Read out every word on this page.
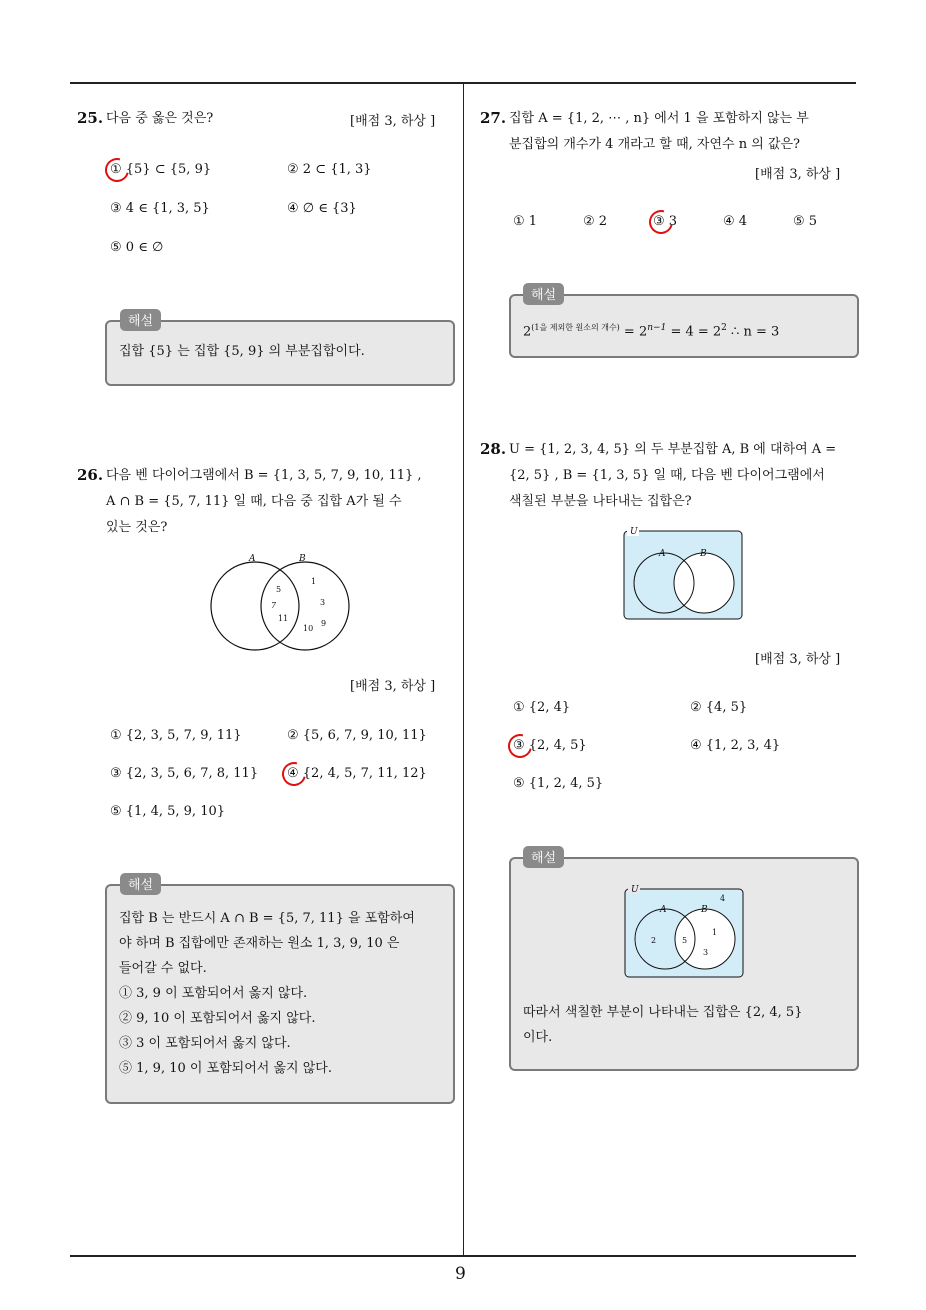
9
25. 다음 중 옳은 것은?	[배점 3, 하상 ]
① {5} ⊂ {5, 9}	② 2 ⊂ {1, 3}
③ 4 ∈ {1, 3, 5}	④ ∅ ∈ {3}
⑤ 0 ∈ ∅
집합 {5} 는 집합 {5, 9} 의 부분집합이다.
해설
26. 다음 벤 다이어그램에서 B = {1, 3, 5, 7, 9, 10, 11} ,
A ∩ B = {5, 7, 11} 일 때, 다음 중 집합 A가 될 수
있는 것은?
A	B
5
7
11
1
3
10
9
[배점 3, 하상 ]
① {2, 3, 5, 7, 9, 11}	② {5, 6, 7, 9, 10, 11}
③ {2, 3, 5, 6, 7, 8, 11} ④ {2, 4, 5, 7, 11, 12}
⑤ {1, 4, 5, 9, 10}
집합 B 는 반드시 A ∩ B = {5, 7, 11} 을 포함하여
야 하며 B 집합에만 존재하는 원소 1, 3, 9, 10 은
들어갈 수 없다.
① 3, 9 이 포함되어서 옳지 않다.
② 9, 10 이 포함되어서 옳지 않다.
③ 3 이 포함되어서 옳지 않다.
⑤ 1, 9, 10 이 포함되어서 옳지 않다.
해설
27. 집합 A = {1, 2, ⋯ , n} 에서 1 을 포함하지 않는 부
분집합의 개수가 4 개라고 할 때, 자연수 n 의 값은?
[배점 3, 하상 ]
① 1	② 2	③ 3	④ 4	⑤ 5
$2^{(1을 제외한 원소의 개수)} = 2^{n-1} = 4 = 2^2$ ∴ n = 3
해설
28. U = {1, 2, 3, 4, 5} 의 두 부분집합 A, B 에 대하여 A =
{2, 5} , B = {1, 3, 5} 일 때, 다음 벤 다이어그램에서
색칠된 부분을 나타내는 집합은?
U
A	B
[배점 3, 하상 ]
① {2, 4}	② {4, 5}
③ {2, 4, 5}	④ {1, 2, 3, 4}
⑤ {1, 2, 4, 5}
U
A	B
4
2	5
1
3
따라서 색칠한 부분이 나타내는 집합은 {2, 4, 5}
이다.
해설
